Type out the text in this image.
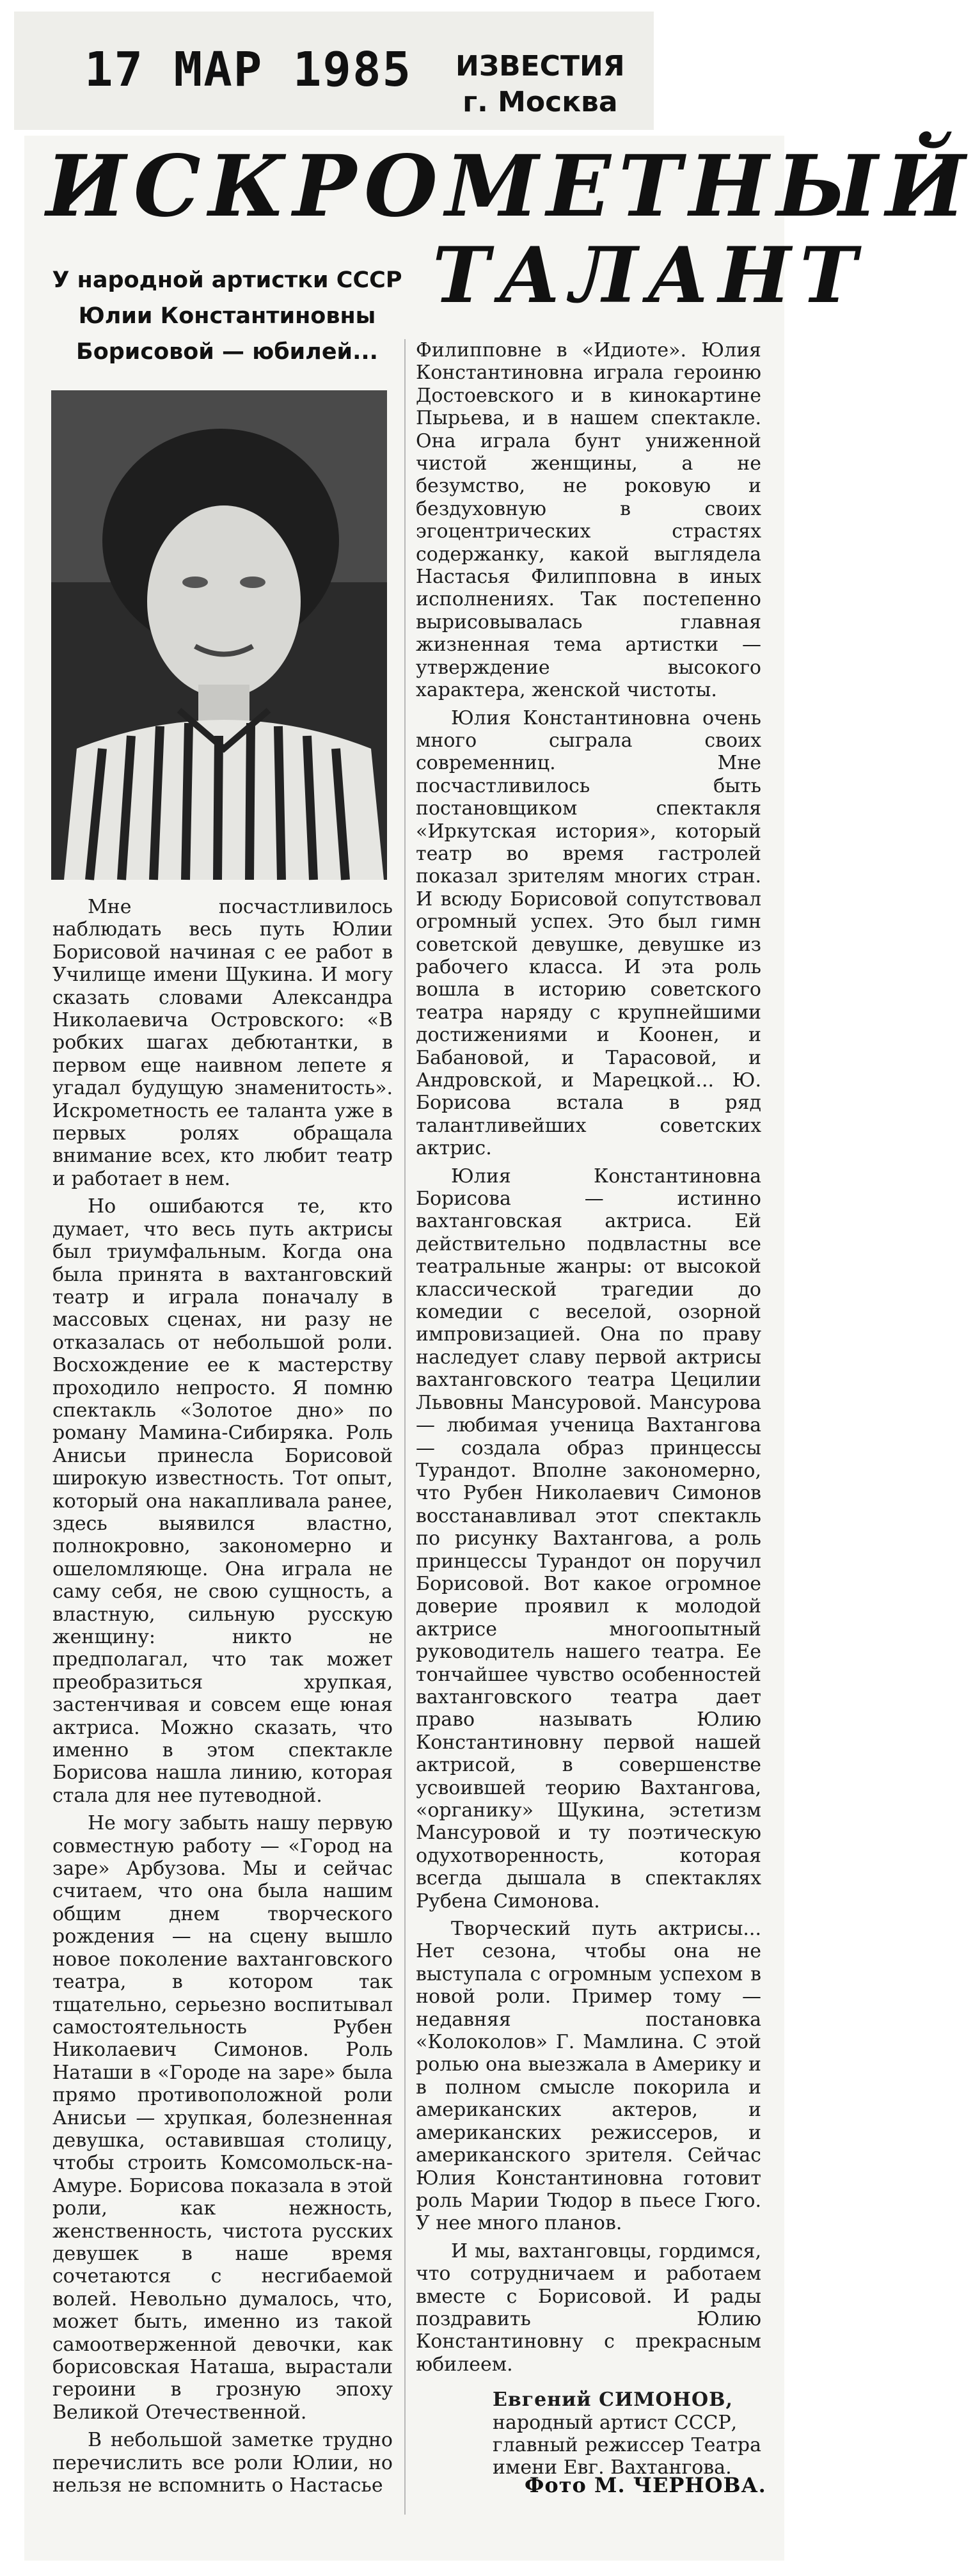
17 МАР 1985 ИЗВЕСТИЯ
г. Москва
ИСКРОМЕТНЫЙ
ТАЛАНТ
У народной артистки СССР Юлии Константиновны Борисовой — юбилей...

Мне посчастливилось наблюдать весь путь Юлии Борисовой начиная с ее работ в Училище имени Щукина. И могу сказать словами Александра Николаевича Островского: «В робких шагах дебютантки, в первом еще наивном лепете я угадал будущую знаменитость». Искрометность ее таланта уже в первых ролях обращала внимание всех, кто любит театр и работает в нем.

Но ошибаются те, кто думает, что весь путь актрисы был триумфальным. Когда она была принята в вахтанговский театр и играла поначалу в массовых сценах, ни разу не отказалась от небольшой роли. Восхождение ее к мастерству проходило непросто. Я помню спектакль «Золотое дно» по роману Мамина-Сибиряка. Роль Анисьи принесла Борисовой широкую известность. Тот опыт, который она накапливала ранее, здесь выявился властно, полнокровно, закономерно и ошеломляюще. Она играла не саму себя, не свою сущность, а властную, сильную русскую женщину: никто не предполагал, что так может преобразиться хрупкая, застенчивая и совсем еще юная актриса. Можно сказать, что именно в этом спектакле Борисова нашла линию, которая стала для нее путеводной.

Не могу забыть нашу первую совместную работу — «Город на заре» Арбузова. Мы и сейчас считаем, что она была нашим общим днем творческого рождения — на сцену вышло новое поколение вахтанговского театра, в котором так тщательно, серьезно воспитывал самостоятельность Рубен Николаевич Симонов. Роль Наташи в «Городе на заре» была прямо противоположной роли Анисьи — хрупкая, болезненная девушка, оставившая столицу, чтобы строить Комсомольск-на-Амуре. Борисова показала в этой роли, как нежность, женственность, чистота русских девушек в наше время сочетаются с несгибаемой волей. Невольно думалось, что, может быть, именно из такой самоотверженной девочки, как борисовская Наташа, вырастали героини в грозную эпоху Великой Отечественной.

В небольшой заметке трудно перечислить все роли Юлии, но нельзя не вспомнить о Настасье

Филипповне в «Идиоте». Юлия Константиновна играла героиню Достоевского и в кинокартине Пырьева, и в нашем спектакле. Она играла бунт униженной чистой женщины, а не безумство, не роковую и бездуховную в своих эгоцентрических страстях содержанку, какой выглядела Настасья Филипповна в иных исполнениях. Так постепенно вырисовывалась главная жизненная тема артистки — утверждение высокого характера, женской чистоты.

Юлия Константиновна очень много сыграла своих современниц. Мне посчастливилось быть постановщиком спектакля «Иркутская история», который театр во время гастролей показал зрителям многих стран. И всюду Борисовой сопутствовал огромный успех. Это был гимн советской девушке, девушке из рабочего класса. И эта роль вошла в историю советского театра наряду с крупнейшими достижениями и Коонен, и Бабановой, и Тарасовой, и Андровской, и Марецкой... Ю. Борисова встала в ряд талантливейших советских актрис.

Юлия Константиновна Борисова — истинно вахтанговская актриса. Ей действительно подвластны все театральные жанры: от высокой классической трагедии до комедии с веселой, озорной импровизацией. Она по праву наследует славу первой актрисы вахтанговского театра Цецилии Львовны Мансуровой. Мансурова — любимая ученица Вахтангова — создала образ принцессы Турандот. Вполне закономерно, что Рубен Николаевич Симонов восстанавливал этот спектакль по рисунку Вахтангова, а роль принцессы Турандот он поручил Борисовой. Вот какое огромное доверие проявил к молодой актрисе многоопытный руководитель нашего театра. Ее тончайшее чувство особенностей вахтанговского театра дает право называть Юлию Константиновну первой нашей актрисой, в совершенстве усвоившей теорию Вахтангова, «органику» Щукина, эстетизм Мансуровой и ту поэтическую одухотворенность, которая всегда дышала в спектаклях Рубена Симонова.

Творческий путь актрисы... Нет сезона, чтобы она не выступала с огромным успехом в новой роли. Пример тому — недавняя постановка «Колоколов» Г. Мамлина. С этой ролью она выезжала в Америку и в полном смысле покорила и американских актеров, и американских режиссеров, и американского зрителя. Сейчас Юлия Константиновна готовит роль Марии Тюдор в пьесе Гюго. У нее много планов.

И мы, вахтанговцы, гордимся, что сотрудничаем и работаем вместе с Борисовой. И рады поздравить Юлию Константиновну с прекрасным юбилеем.

Евгений СИМОНОВ,
народный артист СССР,
главный режиссер Театра имени Евг. Вахтангова.
Фото М. ЧЕРНОВА.
